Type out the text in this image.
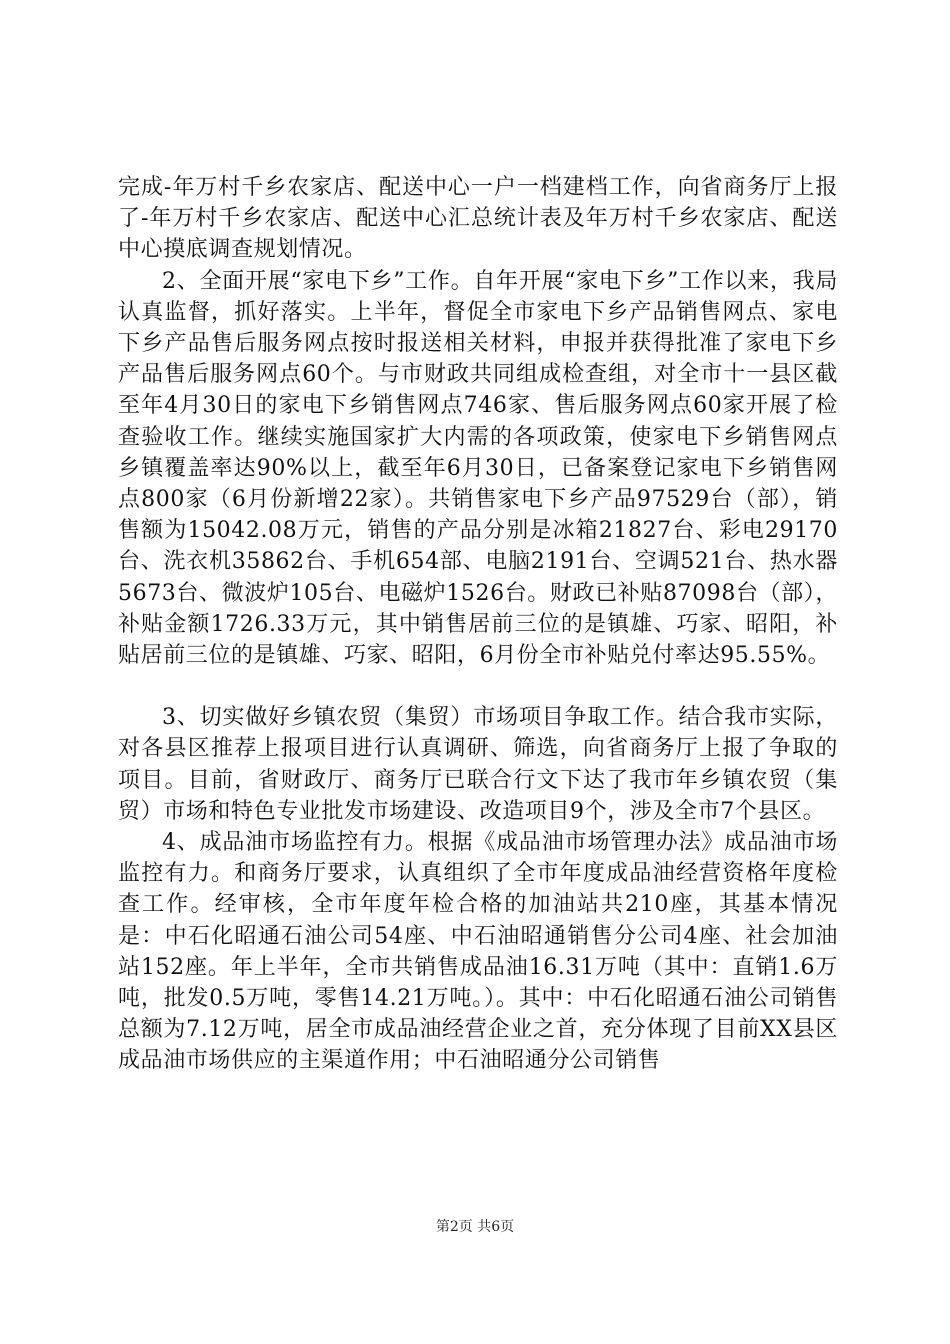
完成-年万村千乡农家店、配送中心一户一档建档工作，向省商务厅上报了-年万村千乡农家店、配送中心汇总统计表及年万村千乡农家店、配送中心摸底调查规划情况。

2、全面开展“家电下乡”工作。自年开展“家电下乡”工作以来，我局认真监督，抓好落实。上半年，督促全市家电下乡产品销售网点、家电下乡产品售后服务网点按时报送相关材料，申报并获得批准了家电下乡产品售后服务网点60个。与市财政共同组成检查组，对全市十一县区截至年4月30日的家电下乡销售网点746家、售后服务网点60家开展了检查验收工作。继续实施国家扩大内需的各项政策，使家电下乡销售网点乡镇覆盖率达90%以上，截至年6月30日，已备案登记家电下乡销售网点800家（6月份新增22家）。共销售家电下乡产品97529台（部），销售额为15042.08万元，销售的产品分别是冰箱21827台、彩电29170台、洗衣机35862台、手机654部、电脑2191台、空调521台、热水器5673台、微波炉105台、电磁炉1526台。财政已补贴87098台（部），补贴金额1726.33万元，其中销售居前三位的是镇雄、巧家、昭阳，补贴居前三位的是镇雄、巧家、昭阳，6月份全市补贴兑付率达95.55%。

3、切实做好乡镇农贸（集贸）市场项目争取工作。结合我市实际，对各县区推荐上报项目进行认真调研、筛选，向省商务厅上报了争取的项目。目前，省财政厅、商务厅已联合行文下达了我市年乡镇农贸（集贸）市场和特色专业批发市场建设、改造项目9个，涉及全市7个县区。

4、成品油市场监控有力。根据《成品油市场管理办法》成品油市场监控有力。和商务厅要求，认真组织了全市年度成品油经营资格年度检查工作。经审核，全市年度年检合格的加油站共210座，其基本情况是：中石化昭通石油公司54座、中石油昭通销售分公司4座、社会加油站152座。年上半年，全市共销售成品油16.31万吨（其中：直销1.6万吨，批发0.5万吨，零售14.21万吨。）。其中：中石化昭通石油公司销售总额为7.12万吨，居全市成品油经营企业之首，充分体现了目前XX县区成品油市场供应的主渠道作用；中石油昭通分公司销售

第2页 共6页
